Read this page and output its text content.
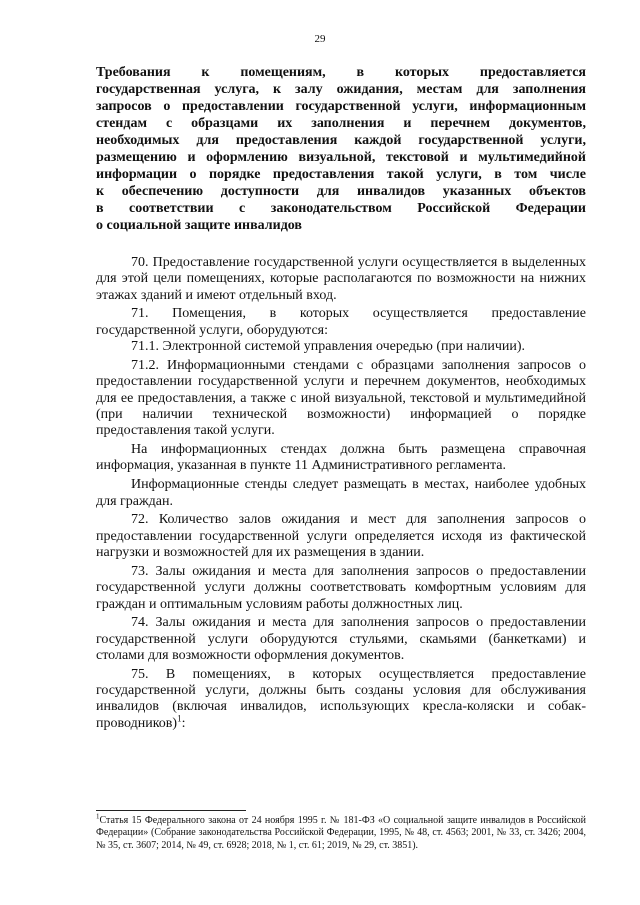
29
Требования к помещениям, в которых предоставляется
государственная услуга, к залу ожидания, местам для заполнения
запросов о предоставлении государственной услуги, информационным
стендам с образцами их заполнения и перечнем документов,
необходимых для предоставления каждой государственной услуги,
размещению и оформлению визуальной, текстовой и мультимедийной
информации о порядке предоставления такой услуги, в том числе
к обеспечению доступности для инвалидов указанных объектов
в соответствии с законодательством Российской Федерации
о социальной защите инвалидов

70. Предоставление государственной услуги осуществляется в выделенных для этой цели помещениях, которые располагаются по возможности на нижних этажах зданий и имеют отдельный вход.

71. Помещения, в которых осуществляется предоставление государственной услуги, оборудуются:

71.1. Электронной системой управления очередью (при наличии).

71.2. Информационными стендами с образцами заполнения запросов о предоставлении государственной услуги и перечнем документов, необходимых для ее предоставления, а также с иной визуальной, текстовой и мультимедийной (при наличии технической возможности) информацией о порядке предоставления такой услуги.

На информационных стендах должна быть размещена справочная информация, указанная в пункте 11 Административного регламента.

Информационные стенды следует размещать в местах, наиболее удобных для граждан.

72. Количество залов ожидания и мест для заполнения запросов о предоставлении государственной услуги определяется исходя из фактической нагрузки и возможностей для их размещения в здании.

73. Залы ожидания и места для заполнения запросов о предоставлении государственной услуги должны соответствовать комфортным условиям для граждан и оптимальным условиям работы должностных лиц.

74. Залы ожидания и места для заполнения запросов о предоставлении государственной услуги оборудуются стульями, скамьями (банкетками) и столами для возможности оформления документов.

75. В помещениях, в которых осуществляется предоставление государственной услуги, должны быть созданы условия для обслуживания инвалидов (включая инвалидов, использующих кресла-коляски и собак- проводников)$^1$:

$^1$Статья 15 Федерального закона от 24 ноября 1995 г. № 181-ФЗ «О социальной защите инвалидов в Российской Федерации» (Собрание законодательства Российской Федерации, 1995, № 48, ст. 4563; 2001, № 33, ст. 3426; 2004, № 35, ст. 3607; 2014, № 49, ст. 6928; 2018, № 1, ст. 61; 2019, № 29, ст. 3851).
